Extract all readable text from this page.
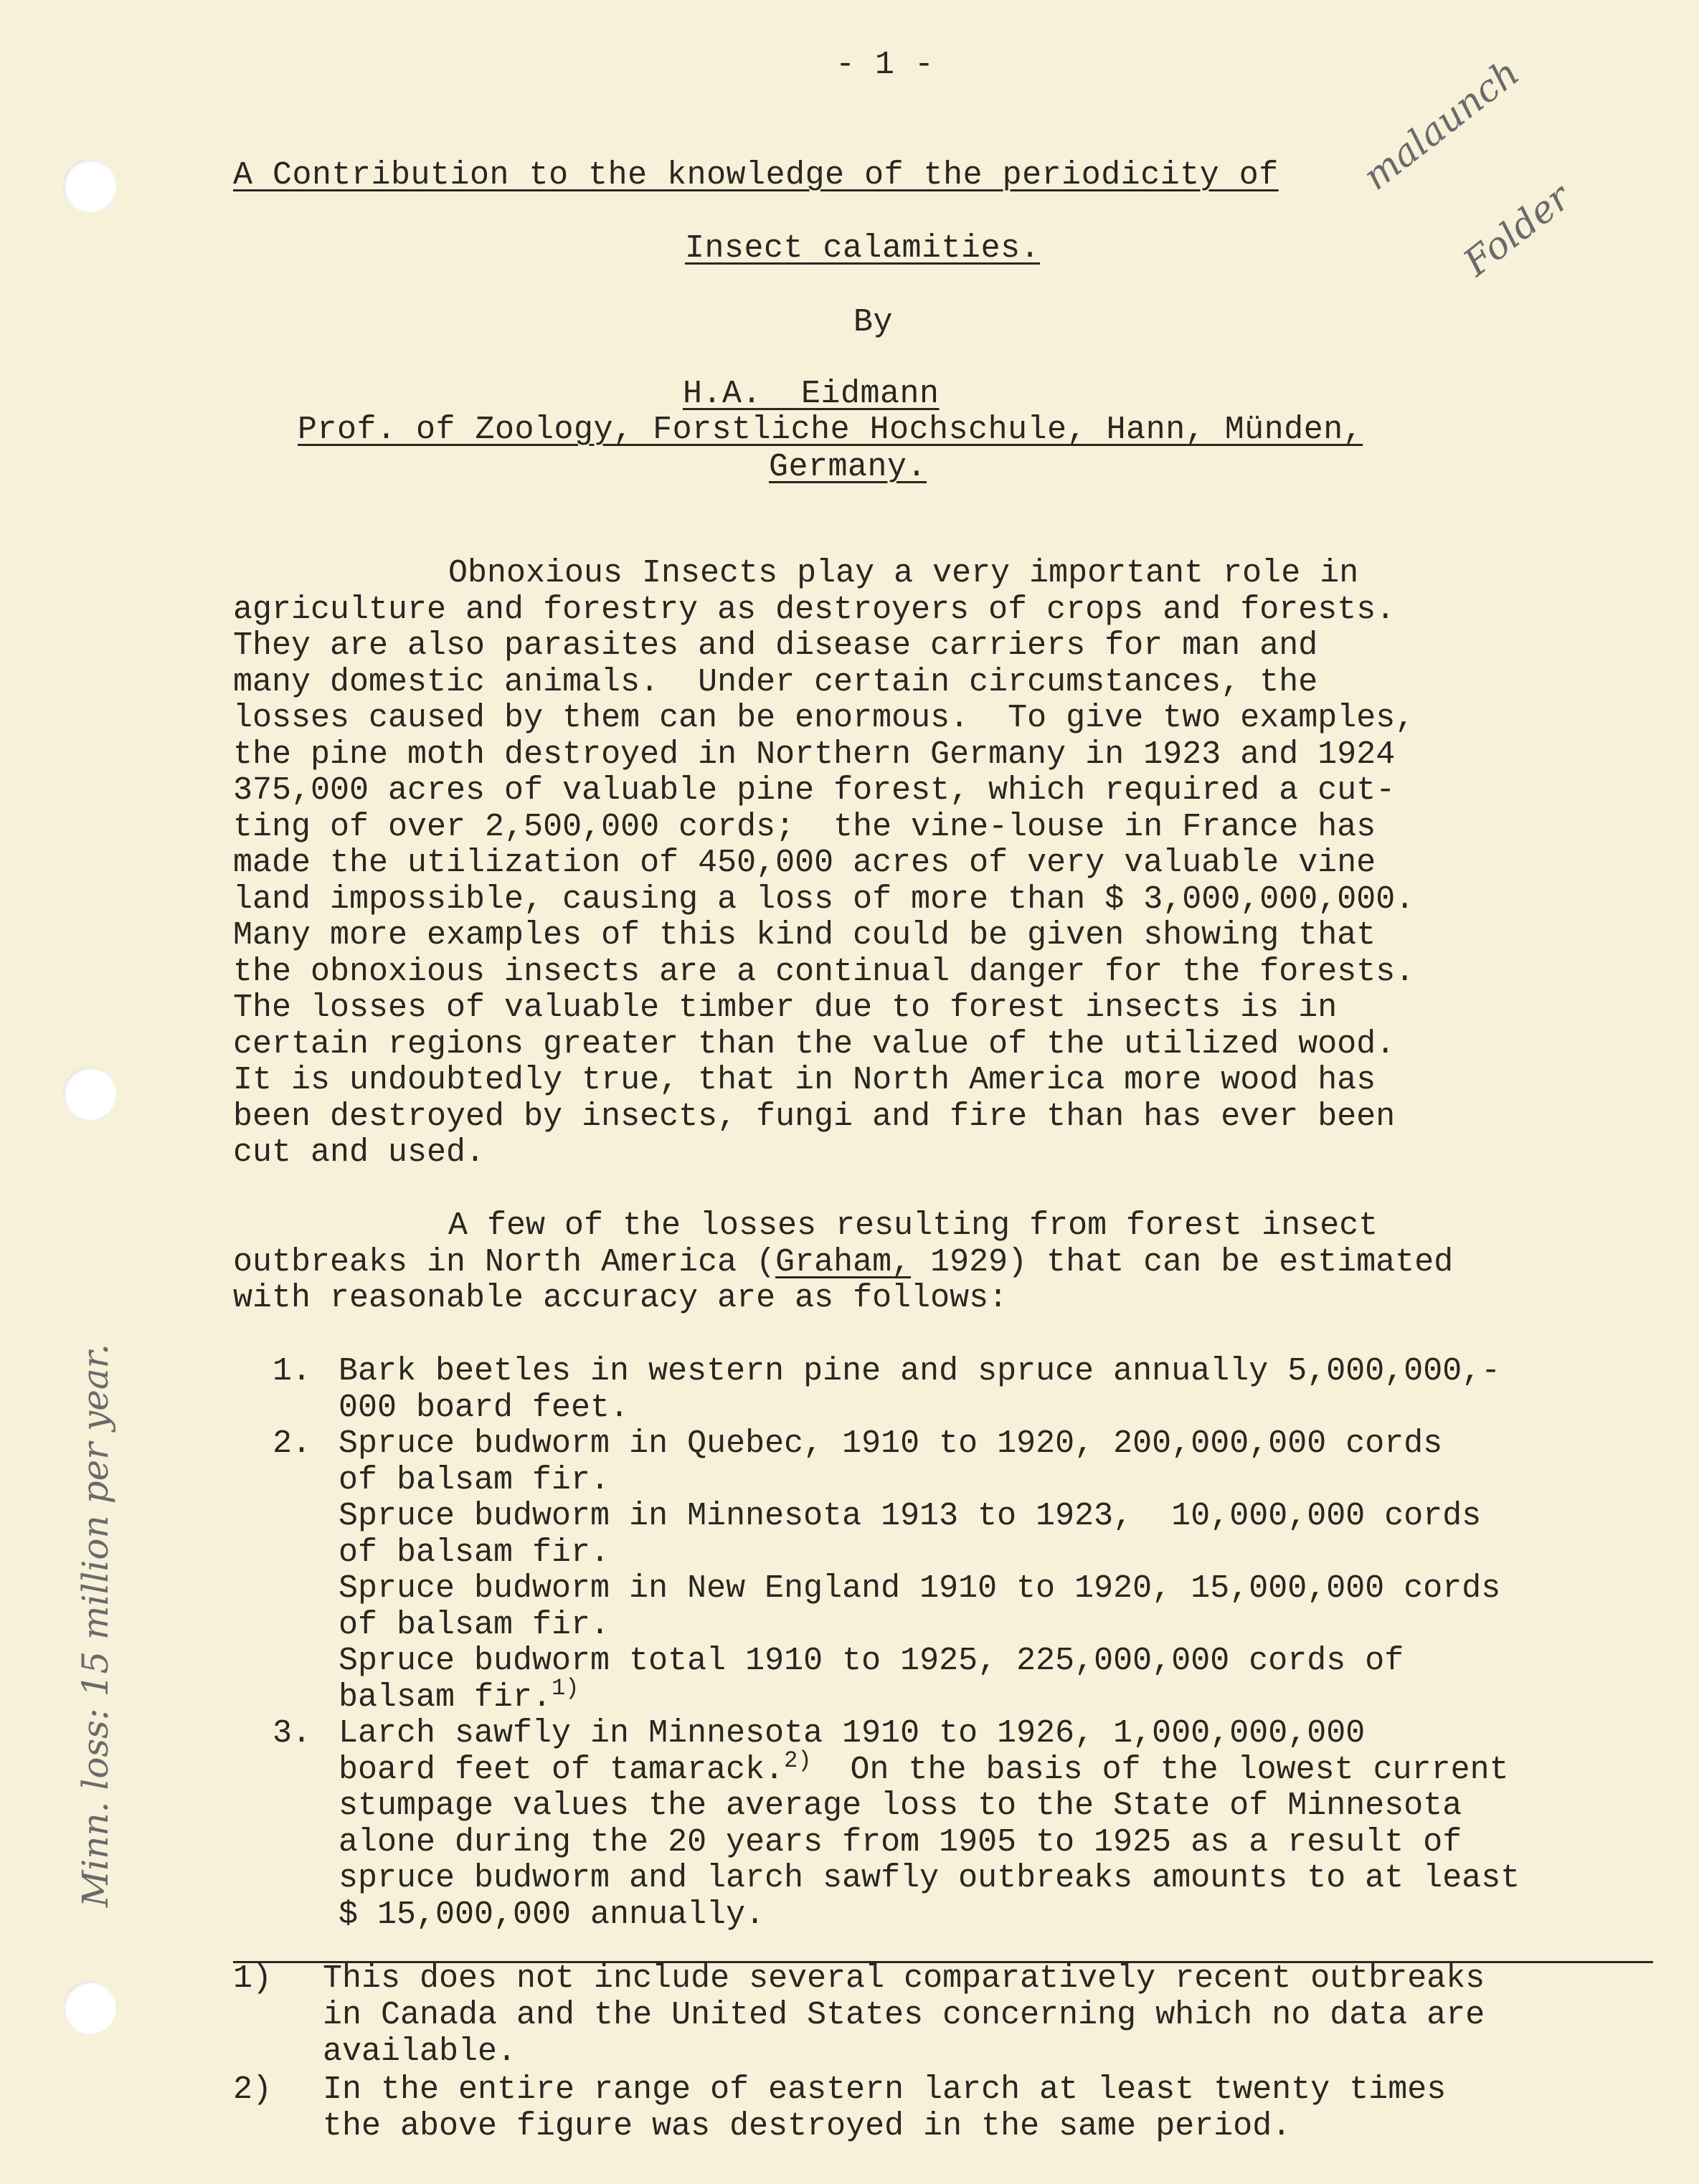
- 1 -
A Contribution to the knowledge of the periodicity of
Insect calamities.
By
H.A.  Eidmann
Prof. of Zoology, Forstliche Hochschule, Hann, Münden,
Germany.
malaunch
Folder
Minn. loss: 15 million per year.
Obnoxious Insects play a very important role in
agriculture and forestry as destroyers of crops and forests.
They are also parasites and disease carriers for man and
many domestic animals.  Under certain circumstances, the
losses caused by them can be enormous.  To give two examples,
the pine moth destroyed in Northern Germany in 1923 and 1924
375,000 acres of valuable pine forest, which required a cut-
ting of over 2,500,000 cords;  the vine-louse in France has
made the utilization of 450,000 acres of very valuable vine
land impossible, causing a loss of more than $ 3,000,000,000.
Many more examples of this kind could be given showing that
the obnoxious insects are a continual danger for the forests.
The losses of valuable timber due to forest insects is in
certain regions greater than the value of the utilized wood.
It is undoubtedly true, that in North America more wood has
been destroyed by insects, fungi and fire than has ever been
cut and used.
A few of the losses resulting from forest insect
outbreaks in North America (Graham, 1929) that can be estimated
with reasonable accuracy are as follows:
1. Bark beetles in western pine and spruce annually 5,000,000,-
000 board feet.
2. Spruce budworm in Quebec, 1910 to 1920, 200,000,000 cords
of balsam fir.
Spruce budworm in Minnesota 1913 to 1923,  10,000,000 cords
of balsam fir.
Spruce budworm in New England 1910 to 1920, 15,000,000 cords
of balsam fir.
Spruce budworm total 1910 to 1925, 225,000,000 cords of
balsam fir.$^{1)}$
3. Larch sawfly in Minnesota 1910 to 1926, 1,000,000,000
board feet of tamarack.$^{2)}$  On the basis of the lowest current
stumpage values the average loss to the State of Minnesota
alone during the 20 years from 1905 to 1925 as a result of
spruce budworm and larch sawfly outbreaks amounts to at least
$ 15,000,000 annually.
1) This does not include several comparatively recent outbreaks
in Canada and the United States concerning which no data are
available.
2) In the entire range of eastern larch at least twenty times
the above figure was destroyed in the same period.
